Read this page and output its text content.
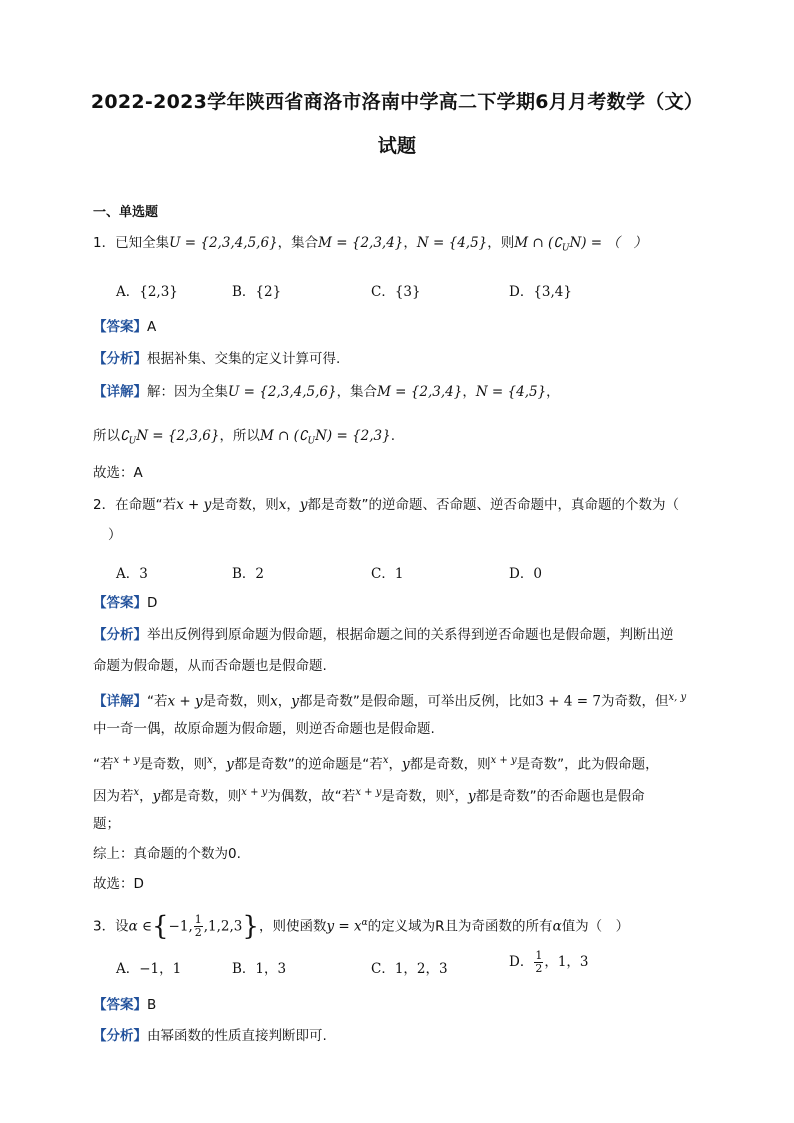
2022-2023学年陕西省商洛市洛南中学高二下学期6月月考数学（文）
试题
一、单选题
1．已知全集U = {2,3,4,5,6}，集合M = {2,3,4}，N = {4,5}，则M ∩ $(∁_UN)$ = （　）
A．{2,3}	B．{2}	C．{3}	D．{3,4}
【答案】A
【分析】根据补集、交集的定义计算可得.
【详解】解：因为全集U = {2,3,4,5,6}，集合M = {2,3,4}，N = {4,5}，
所以$∁_UN = \{2,3,6\}$，所以M ∩ $(∁_UN) = \{2,3\}$.
故选：A
2．在命题“若x + y是奇数，则x，y都是奇数”的逆命题、否命题、逆否命题中，真命题的个数为（
）
A．3	B．2	C．1	D．0
【答案】D
【分析】举出反例得到原命题为假命题，根据命题之间的关系得到逆否命题也是假命题，判断出逆
命题为假命题，从而否命题也是假命题.
【详解】“若x + y是奇数，则x，y都是奇数”是假命题，可举出反例，比如3 + 4 = 7为奇数，但$^{x, y}$
中一奇一偶，故原命题为假命题，则逆否命题也是假命题.
“若$^{x + y}$是奇数，则$^x$，y都是奇数”的逆命题是“若$^x$，y都是奇数，则$^{x + y}$是奇数”，此为假命题，
因为若$^x$，y都是奇数，则$^{x + y}$为偶数，故“若$^{x + y}$是奇数，则$^x$，y都是奇数”的否命题也是假命
题；
综上：真命题的个数为0.
故选：D
3．设α ∈{−1, $\frac{1}{2} ,1,2,3$}，则使函数$y = x^\alpha$的定义域为R且为奇函数的所有α值为（　）
A．−1，1	B．1，3	C．1，2，3	D． $\frac{1}{2}$ ，1，3
【答案】B
【分析】由幂函数的性质直接判断即可.
